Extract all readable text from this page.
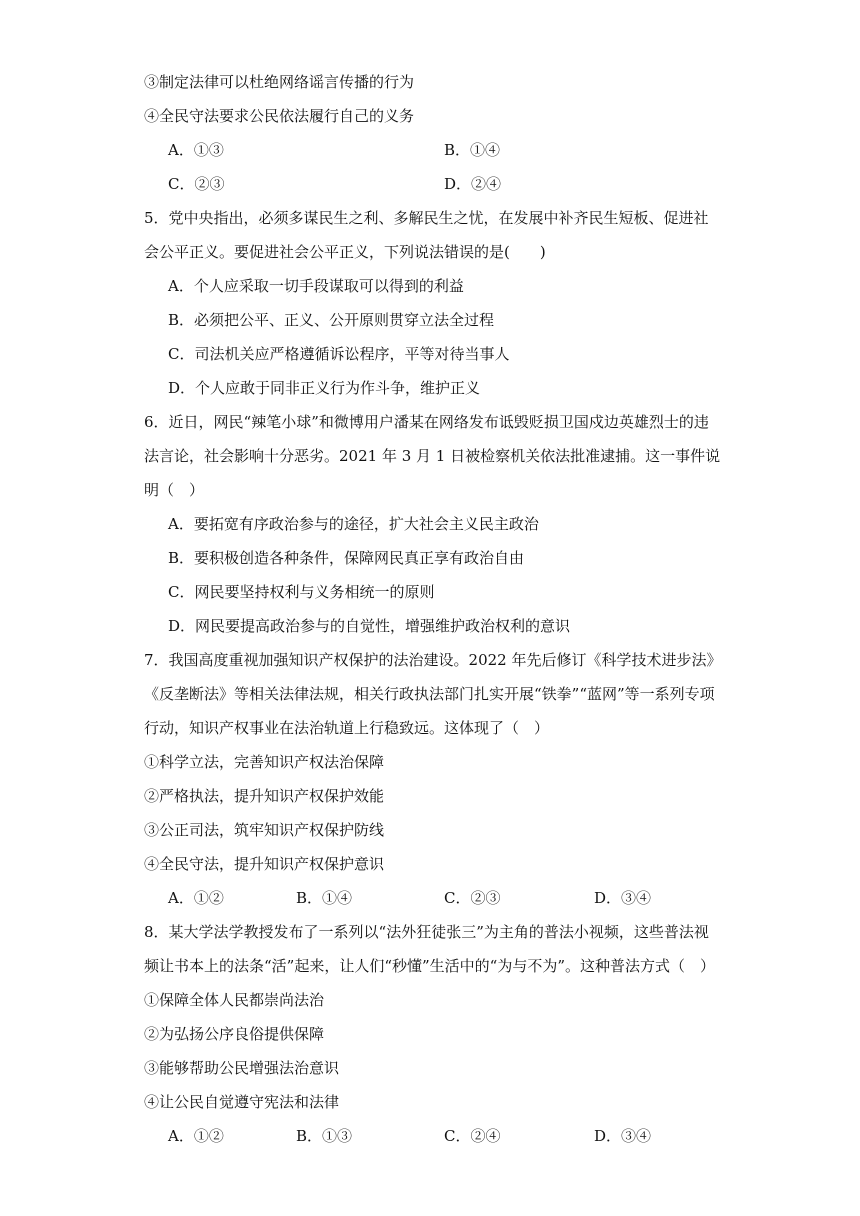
③制定法律可以杜绝网络谣言传播的行为
④全民守法要求公民依法履行自己的义务
A．①③	B．①④
C．②③	D．②④
5．党中央指出，必须多谋民生之利、多解民生之忧，在发展中补齐民生短板、促进社
会公平正义。要促进社会公平正义，下列说法错误的是(　　)
A．个人应采取一切手段谋取可以得到的利益
B．必须把公平、正义、公开原则贯穿立法全过程
C．司法机关应严格遵循诉讼程序，平等对待当事人
D．个人应敢于同非正义行为作斗争，维护正义
6．近日，网民“辣笔小球”和微博用户潘某在网络发布诋毁贬损卫国戍边英雄烈士的违
法言论，社会影响十分恶劣。2021 年 3 月 1 日被检察机关依法批准逮捕。这一事件说
明（　）
A．要拓宽有序政治参与的途径，扩大社会主义民主政治
B．要积极创造各种条件，保障网民真正享有政治自由
C．网民要坚持权利与义务相统一的原则
D．网民要提高政治参与的自觉性，增强维护政治权利的意识
7．我国高度重视加强知识产权保护的法治建设。2022 年先后修订《科学技术进步法》
《反垄断法》等相关法律法规，相关行政执法部门扎实开展“铁拳”“蓝网”等一系列专项
行动，知识产权事业在法治轨道上行稳致远。这体现了（　）
①科学立法，完善知识产权法治保障
②严格执法，提升知识产权保护效能
③公正司法，筑牢知识产权保护防线
④全民守法，提升知识产权保护意识
A．①②	B．①④	C．②③	D．③④
8．某大学法学教授发布了一系列以“法外狂徒张三”为主角的普法小视频，这些普法视
频让书本上的法条“活”起来，让人们“秒懂”生活中的“为与不为”。这种普法方式（　）
①保障全体人民都崇尚法治
②为弘扬公序良俗提供保障
③能够帮助公民增强法治意识
④让公民自觉遵守宪法和法律
A．①②	B．①③	C．②④	D．③④
